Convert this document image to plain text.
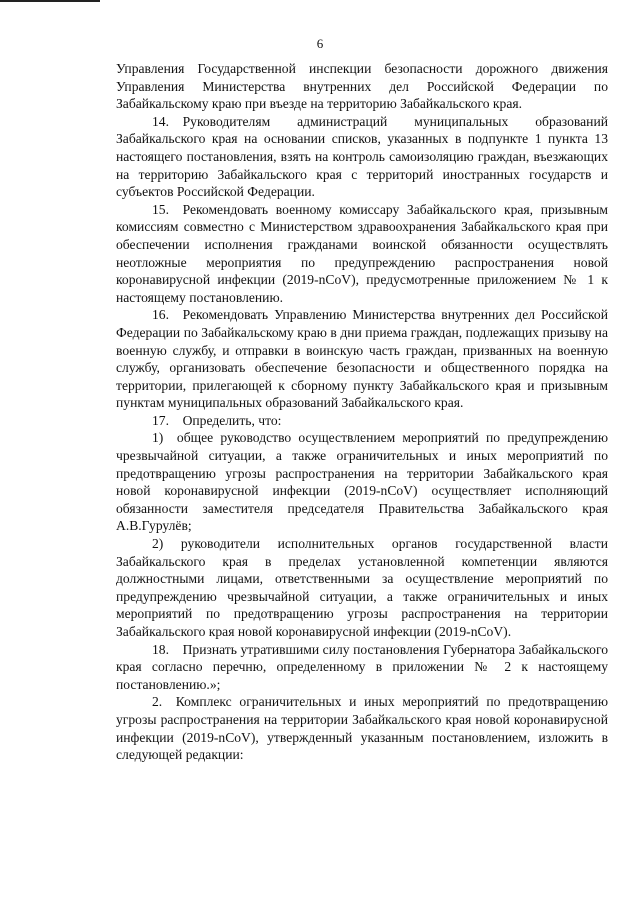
6

Управления Государственной инспекции безопасности дорожного движения Управления Министерства внутренних дел Российской Федерации по Забайкальскому краю при въезде на территорию Забайкальского края.

14. Руководителям администраций муниципальных образований Забайкальского края на основании списков, указанных в подпункте 1 пункта 13 настоящего постановления, взять на контроль самоизоляцию граждан, въезжающих на территорию Забайкальского края с территорий иностранных государств и субъектов Российской Федерации.

15. Рекомендовать военному комиссару Забайкальского края, призывным комиссиям совместно с Министерством здравоохранения Забайкальского края при обеспечении исполнения гражданами воинской обязанности осуществлять неотложные мероприятия по предупреждению распространения новой коронавирусной инфекции (2019-nCoV), предусмотренные приложением № 1 к настоящему постановлению.

16. Рекомендовать Управлению Министерства внутренних дел Российской Федерации по Забайкальскому краю в дни приема граждан, подлежащих призыву на военную службу, и отправки в воинскую часть граждан, призванных на военную службу, организовать обеспечение безопасности и общественного порядка на территории, прилегающей к сборному пункту Забайкальского края и призывным пунктам муниципальных образований Забайкальского края.

17. Определить, что:

1) общее руководство осуществлением мероприятий по предупреждению чрезвычайной ситуации, а также ограничительных и иных мероприятий по предотвращению угрозы распространения на территории Забайкальского края новой коронавирусной инфекции (2019-nCoV) осуществляет исполняющий обязанности заместителя председателя Правительства Забайкальского края А.В.Гурулёв;

2) руководители исполнительных органов государственной власти Забайкальского края в пределах установленной компетенции являются должностными лицами, ответственными за осуществление мероприятий по предупреждению чрезвычайной ситуации, а также ограничительных и иных мероприятий по предотвращению угрозы распространения на территории Забайкальского края новой коронавирусной инфекции (2019-nCoV).

18. Признать утратившими силу постановления Губернатора Забайкальского края согласно перечню, определенному в приложении № 2 к настоящему постановлению.»;

2. Комплекс ограничительных и иных мероприятий по предотвращению угрозы распространения на территории Забайкальского края новой коронавирусной инфекции (2019-nCoV), утвержденный указанным постановлением, изложить в следующей редакции:
